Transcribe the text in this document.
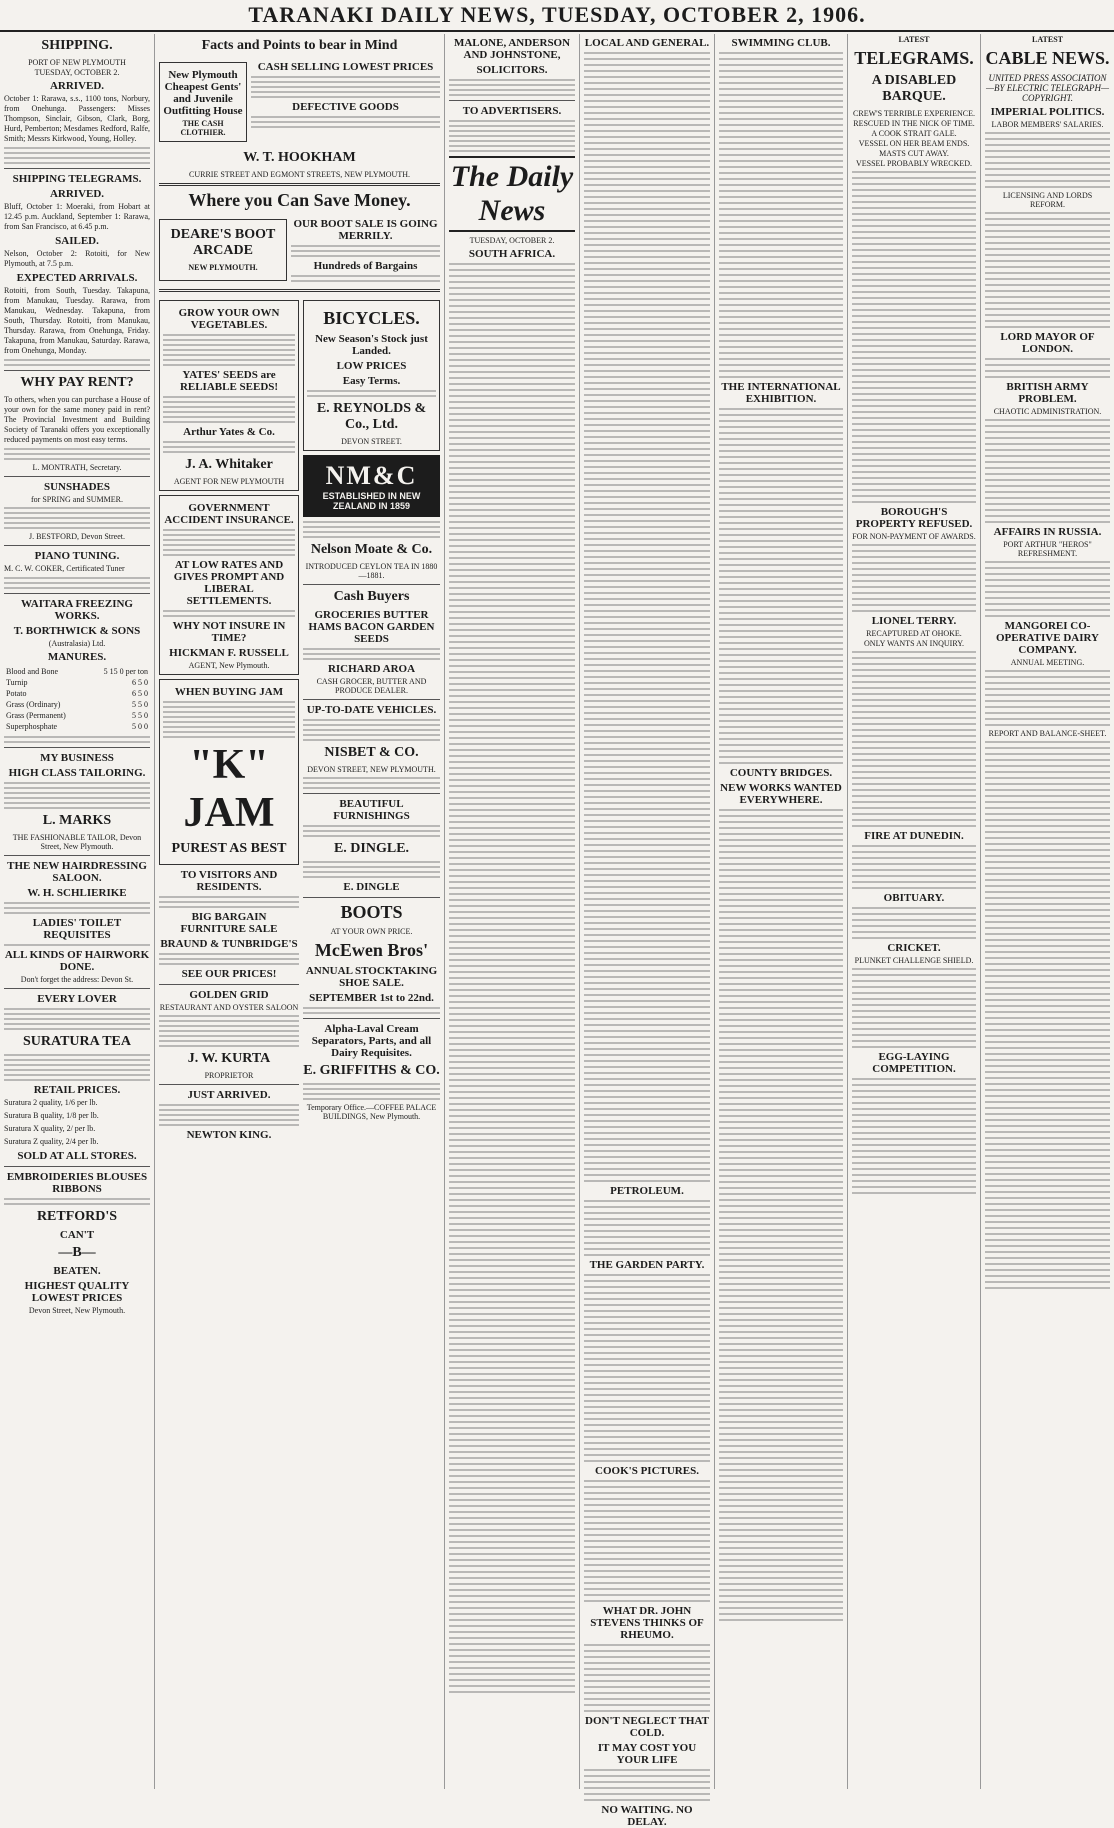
TARANAKI DAILY NEWS, TUESDAY, OCTOBER 2, 1906.
SHIPPING.
PORT OF NEW PLYMOUTH
TUESDAY, OCTOBER 2.
ARRIVED.
October 1: Rarawa, s.s., 1100 tons, Norbury, from Onehunga. Passengers: Misses Thompson, Sinclair, Gibson, Clark, Borg, Hurd, Pemberton; Mesdames Redford, Ralfe, Smith; Messrs Kirkwood, Young, Holley.
SHIPPING TELEGRAMS.
ARRIVED.
Bluff, October 1: Moeraki, from Hobart at 12.45 p.m. Auckland, September 1: Rarawa, from San Francisco, at 6.45 p.m.
SAILED.
Nelson, October 2: Rotoiti, for New Plymouth, at 7.5 p.m.
EXPECTED ARRIVALS.
Rotoiti, from South, Tuesday. Takapuna, from Manukau, Tuesday. Rarawa, from Manukau, Wednesday. Takapuna, from South, Thursday. Rotoiti, from Manukau, Thursday. Rarawa, from Onehunga, Friday. Takapuna, from Manukau, Saturday. Rarawa, from Onehunga, Monday.
WHY PAY RENT?
To others, when you can purchase a House of your own for the same money paid in rent? The Provincial Investment and Building Society of Taranaki offers you exceptionally reduced payments on most easy terms.
L. MONTRATH, Secretary.
SUNSHADES
for SPRING and SUMMER.
J. BESTFORD, Devon Street.
PIANO TUNING.
M. C. W. COKER, Certificated Tuner
WAITARA FREEZING WORKS.
T. BORTHWICK & SONS
(Australasia) Ltd.
MANURES.
Blood and Bone	5 15 0 per ton
Turnip	6 5 0
Potato	6 5 0
Grass (Ordinary)	5 5 0
Grass (Permanent)	5 5 0
Superphosphate	5 0 0
MY BUSINESS
HIGH CLASS TAILORING.
L. MARKS
THE FASHIONABLE TAILOR, Devon Street, New Plymouth.
THE NEW HAIRDRESSING SALOON.
W. H. SCHLIERIKE
LADIES' TOILET REQUISITES
ALL KINDS OF HAIRWORK DONE.
Don't forget the address: Devon St.
EVERY LOVER
SURATURA TEA
RETAIL PRICES.
Suratura 2 quality, 1/6 per lb.
Suratura B quality, 1/8 per lb.
Suratura X quality, 2/ per lb.
Suratura Z quality, 2/4 per lb.
SOLD AT ALL STORES.
EMBROIDERIES BLOUSES RIBBONS
RETFORD'S
CAN'T
—B—
BEATEN.
HIGHEST QUALITY LOWEST PRICES
Devon Street, New Plymouth.
Facts and Points to bear in Mind
New Plymouth Cheapest Gents' and Juvenile Outfitting House
THE CASH CLOTHIER.
CASH SELLING LOWEST PRICES
DEFECTIVE GOODS
W. T. HOOKHAM
CURRIE STREET AND EGMONT STREETS, NEW PLYMOUTH.
Where you Can Save Money.
DEARE'S BOOT ARCADE
NEW PLYMOUTH.
OUR BOOT SALE IS GOING MERRILY.
Hundreds of Bargains
GROW YOUR OWN VEGETABLES.
YATES' SEEDS are RELIABLE SEEDS!
Arthur Yates & Co.
J. A. Whitaker
AGENT FOR NEW PLYMOUTH
GOVERNMENT ACCIDENT INSURANCE.
AT LOW RATES AND GIVES PROMPT AND LIBERAL SETTLEMENTS.
WHY NOT INSURE IN TIME?
HICKMAN F. RUSSELL
AGENT, New Plymouth.
WHEN BUYING JAM
"K" JAM
PUREST AS BEST
TO VISITORS AND RESIDENTS.
BIG BARGAIN FURNITURE SALE
BRAUND & TUNBRIDGE'S
SEE OUR PRICES!
GOLDEN GRID
RESTAURANT AND OYSTER SALOON
J. W. KURTA
PROPRIETOR
JUST ARRIVED.
NEWTON KING.
BICYCLES.
New Season's Stock just Landed.
LOW PRICES
Easy Terms.
E. REYNOLDS & Co., Ltd.
DEVON STREET.
NM&C
ESTABLISHED IN NEW ZEALAND IN 1859
Nelson Moate & Co.
INTRODUCED CEYLON TEA IN 1880—1881.
Cash Buyers
GROCERIES BUTTER HAMS BACON GARDEN SEEDS
RICHARD AROA
CASH GROCER, BUTTER AND PRODUCE DEALER.
UP-TO-DATE VEHICLES.
NISBET & CO.
DEVON STREET, NEW PLYMOUTH.
BEAUTIFUL FURNISHINGS
E. DINGLE.
E. DINGLE
BOOTS
AT YOUR OWN PRICE.
McEwen Bros'
ANNUAL STOCKTAKING SHOE SALE.
SEPTEMBER 1st to 22nd.
Alpha-Laval Cream Separators, Parts, and all Dairy Requisites.
E. GRIFFITHS & CO.
Temporary Office.—COFFEE PALACE BUILDINGS, New Plymouth.
MALONE, ANDERSON AND JOHNSTONE,
SOLICITORS.
TO ADVERTISERS.
The Daily News
TUESDAY, OCTOBER 2.
SOUTH AFRICA.
LOCAL AND GENERAL.
PETROLEUM.
THE GARDEN PARTY.
COOK'S PICTURES.
WHAT DR. JOHN STEVENS THINKS OF RHEUMO.
DON'T NEGLECT THAT COLD.
IT MAY COST YOU YOUR LIFE
NO WAITING. NO DELAY.
SWIMMING CLUB.
THE INTERNATIONAL EXHIBITION.
COUNTY BRIDGES.
NEW WORKS WANTED EVERYWHERE.
LATEST
TELEGRAMS.
A DISABLED BARQUE.
CREW'S TERRIBLE EXPERIENCE.
RESCUED IN THE NICK OF TIME.
A COOK STRAIT GALE.
VESSEL ON HER BEAM ENDS.
MASTS CUT AWAY.
VESSEL PROBABLY WRECKED.
BOROUGH'S PROPERTY REFUSED.
FOR NON-PAYMENT OF AWARDS.
LIONEL TERRY.
RECAPTURED AT OHOKE.
ONLY WANTS AN INQUIRY.
FIRE AT DUNEDIN.
OBITUARY.
CRICKET.
PLUNKET CHALLENGE SHIELD.
EGG-LAYING COMPETITION.
LATEST
CABLE NEWS.
UNITED PRESS ASSOCIATION—BY ELECTRIC TELEGRAPH—COPYRIGHT.
IMPERIAL POLITICS.
LABOR MEMBERS' SALARIES.
LICENSING AND LORDS REFORM.
LORD MAYOR OF LONDON.
BRITISH ARMY PROBLEM.
CHAOTIC ADMINISTRATION.
AFFAIRS IN RUSSIA.
PORT ARTHUR "HEROS" REFRESHMENT.
MANGOREI CO-OPERATIVE DAIRY COMPANY.
ANNUAL MEETING.
REPORT AND BALANCE-SHEET.
